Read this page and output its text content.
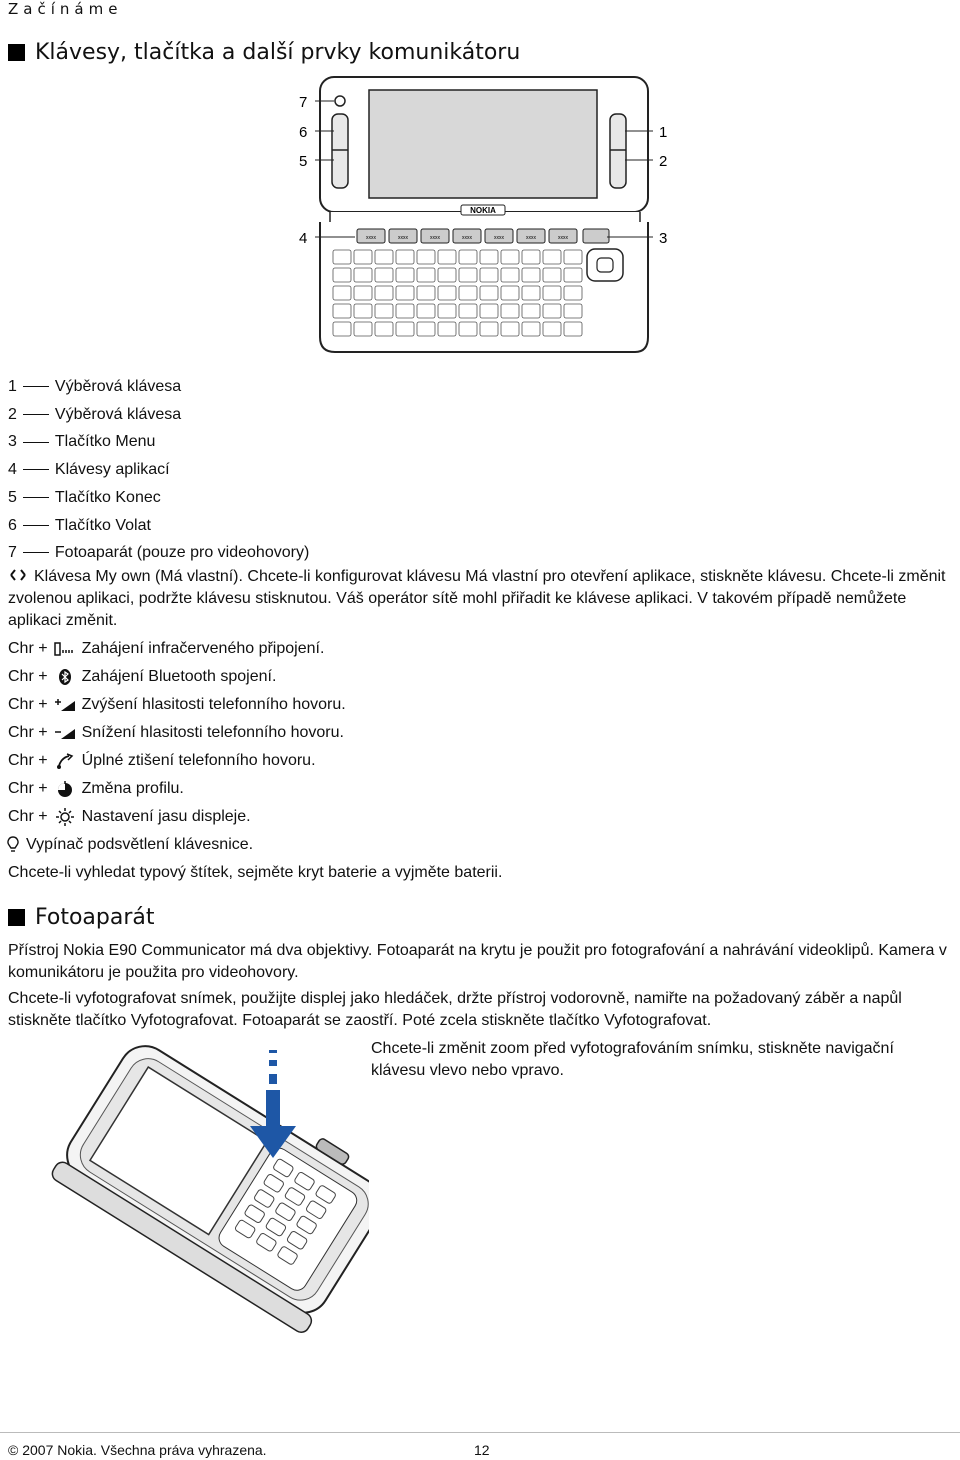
Začínáme
Klávesy, tlačítka a další prvky komunikátoru
NOKIA
xxxx	xxxx	xxxx	xxxx	xxxx	xxxx	xxxx
7
6
5
1
2
4	3
1 Výběrová klávesa
2 Výběrová klávesa
3 Tlačítko Menu
4 Klávesy aplikací
5 Tlačítko Konec
6 Tlačítko Volat
7 Fotoaparát (pouze pro videohovory)
Klávesa My own (Má vlastní). Chcete-li konfigurovat klávesu Má vlastní pro otevření aplikace, stiskněte klávesu. Chcete-li změnit zvolenou aplikaci, podržte klávesu stisknutou. Váš operátor sítě mohl přiřadit ke klávese aplikaci. V takovém případě nemůžete aplikaci změnit.
Chr + Zahájení infračerveného připojení.
Chr + Zahájení Bluetooth spojení.
Chr + Zvýšení hlasitosti telefonního hovoru.
Chr + Snížení hlasitosti telefonního hovoru.
Chr + Úplné ztišení telefonního hovoru.
Chr + Změna profilu.
Chr + Nastavení jasu displeje.
Vypínač podsvětlení klávesnice.
Chcete-li vyhledat typový štítek, sejměte kryt baterie a vyjměte baterii.
Fotoaparát
Přístroj Nokia E90 Communicator má dva objektivy. Fotoaparát na krytu je použit pro fotografování a nahrávání videoklipů. Kamera v komunikátoru je použita pro videohovory.
Chcete-li vyfotografovat snímek, použijte displej jako hledáček, držte přístroj vodorovně, namiřte na požadovaný záběr a napůl stiskněte tlačítko Vyfotografovat. Fotoaparát se zaostří. Poté zcela stiskněte tlačítko Vyfotografovat.
Chcete-li změnit zoom před vyfotografováním snímku, stiskněte navigační klávesu vlevo nebo vpravo.
© 2007 Nokia. Všechna práva vyhrazena.	12
